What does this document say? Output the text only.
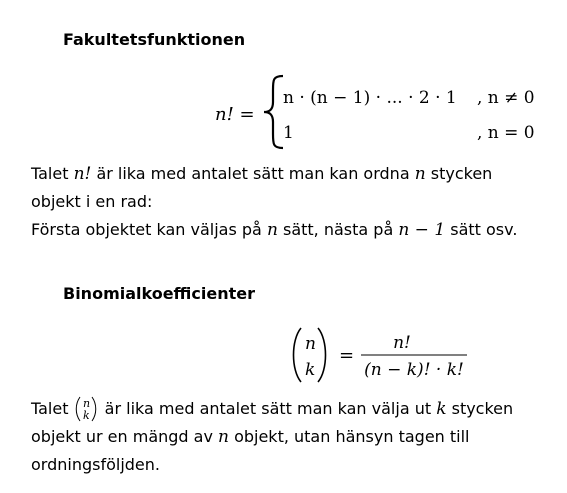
Fakultetsfunktionen
n! =
n · (n − 1) · ... · 2 · 1 , n ≠ 0
1	, n = 0
Talet n! är lika med antalet sätt man kan ordna n stycken
objekt i en rad:
Första objektet kan väljas på n sätt, nästa på n − 1 sätt osv.
Binomialkoefficienter
n
k
=
n!
(n − k)! · k!
Talet n
k är lika med antalet sätt man kan välja ut k stycken
objekt ur en mängd av n objekt, utan hänsyn tagen till
ordningsföljden.
